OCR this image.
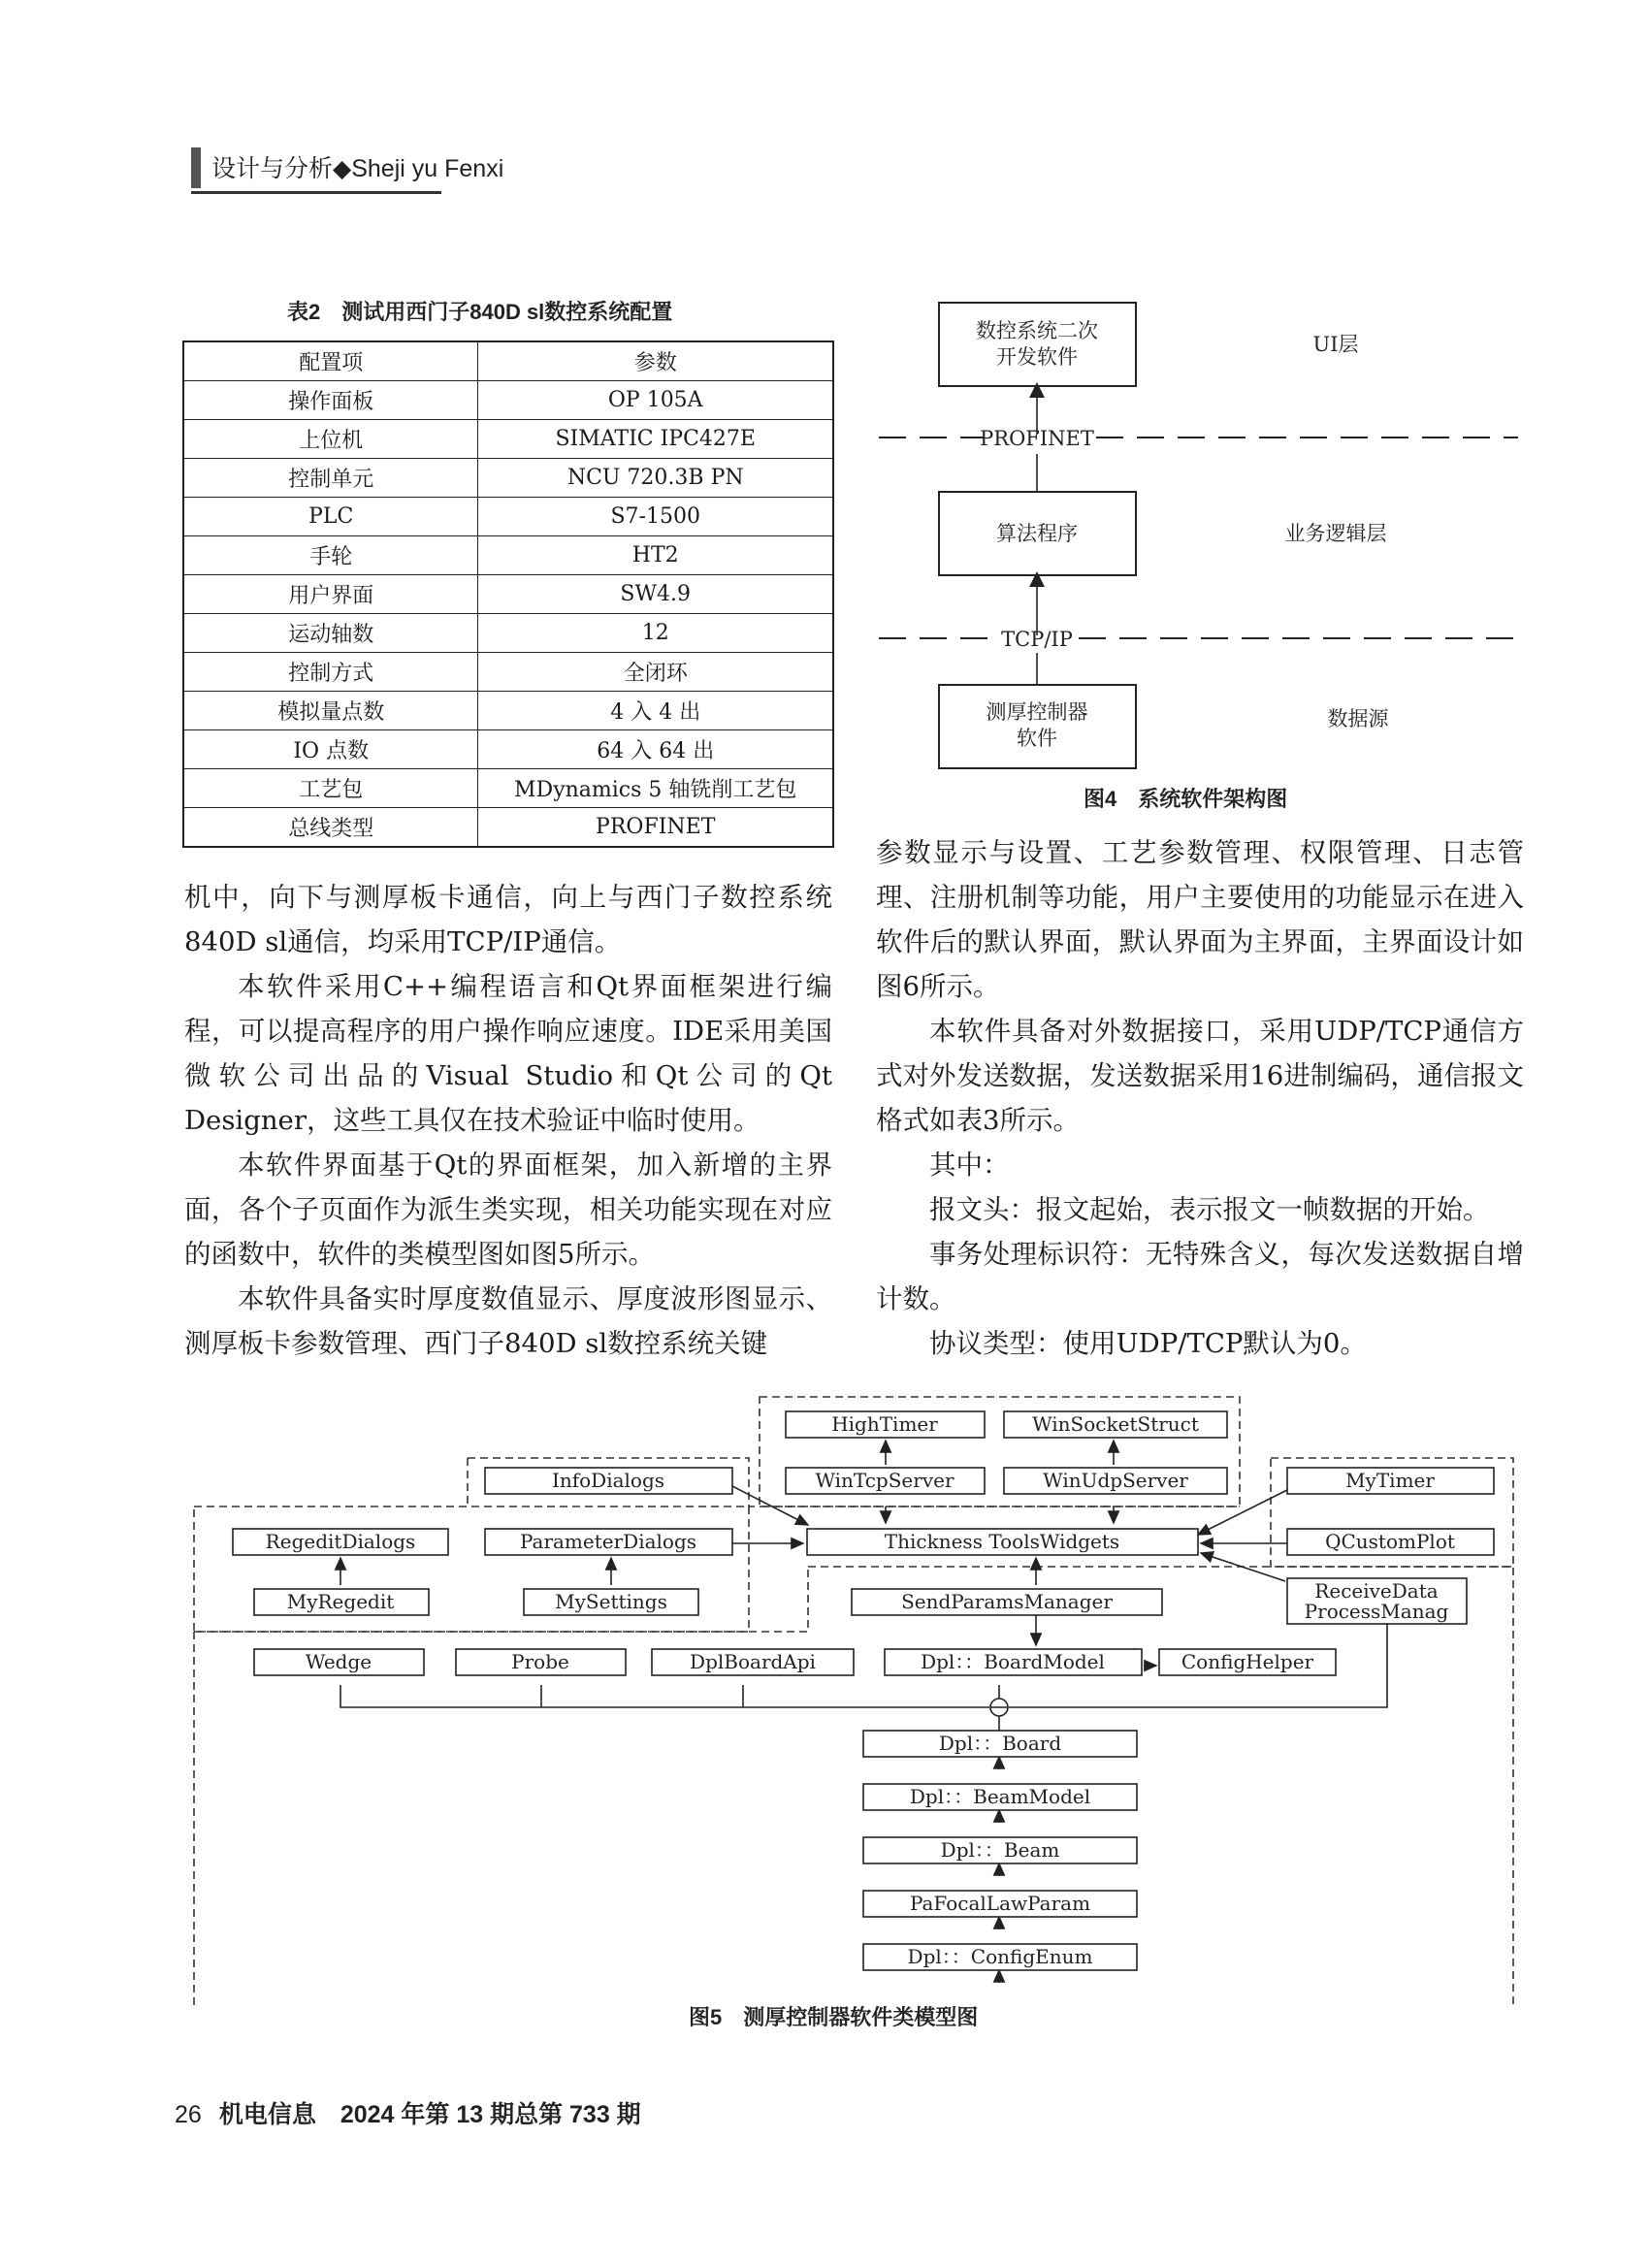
设计与分析◆Sheji yu Fenxi
表2　测试用西门子840D sl数控系统配置
配置项	参数
操作面板	OP 105A
上位机	SIMATIC IPC427E
控制单元	NCU 720.3B PN
PLC	S7-1500
手轮	HT2
用户界面	SW4.9
运动轴数	12
控制方式	全闭环
模拟量点数	4 入 4 出
IO 点数	64 入 64 出
工艺包	MDynamics 5 轴铣削工艺包
总线类型	PROFINET
数控系统二次
开发软件
UI层
PROFINET
算法程序	业务逻辑层
TCP/IP
测厚控制器
软件
数据源
图4　系统软件架构图

机中，向下与测厚板卡通信，向上与西门子数控系统840D sl通信，均采用TCP/IP通信。

本软件采用C++编程语言和Qt界面框架进行编程，可以提高程序的用户操作响应速度。IDE采用美国微软公司出品的Visual Studio和Qt公司的Qt Designer，这些工具仅在技术验证中临时使用。

本软件界面基于Qt的界面框架，加入新增的主界面，各个子页面作为派生类实现，相关功能实现在对应的函数中，软件的类模型图如图5所示。

本软件具备实时厚度数值显示、厚度波形图显示、测厚板卡参数管理、西门子840D sl数控系统关键

参数显示与设置、工艺参数管理、权限管理、日志管理、注册机制等功能，用户主要使用的功能显示在进入软件后的默认界面，默认界面为主界面，主界面设计如图6所示。

本软件具备对外数据接口，采用UDP/TCP通信方式对外发送数据，发送数据采用16进制编码，通信报文格式如表3所示。

其中：

报文头：报文起始，表示报文一帧数据的开始。

事务处理标识符：无特殊含义，每次发送数据自增计数。

协议类型：使用UDP/TCP默认为0。

HighTimer	WinSocketStruct
InfoDialogs	WinTcpServer	WinUdpServer	MyTimer
RegeditDialogs	ParameterDialogs	Thickness ToolsWidgets	QCustomPlot
MyRegedit	MySettings	SendParamsManager	ReceiveData
ProcessManag
Wedge	Probe	DplBoardApi	Dpl：：BoardModel	ConfigHelper
Dpl：：Board
Dpl：：BeamModel
Dpl：：Beam
PaFocalLawParam
Dpl：：ConfigEnum
图5　测厚控制器软件类模型图
26 机电信息　2024 年第 13 期总第 733 期
